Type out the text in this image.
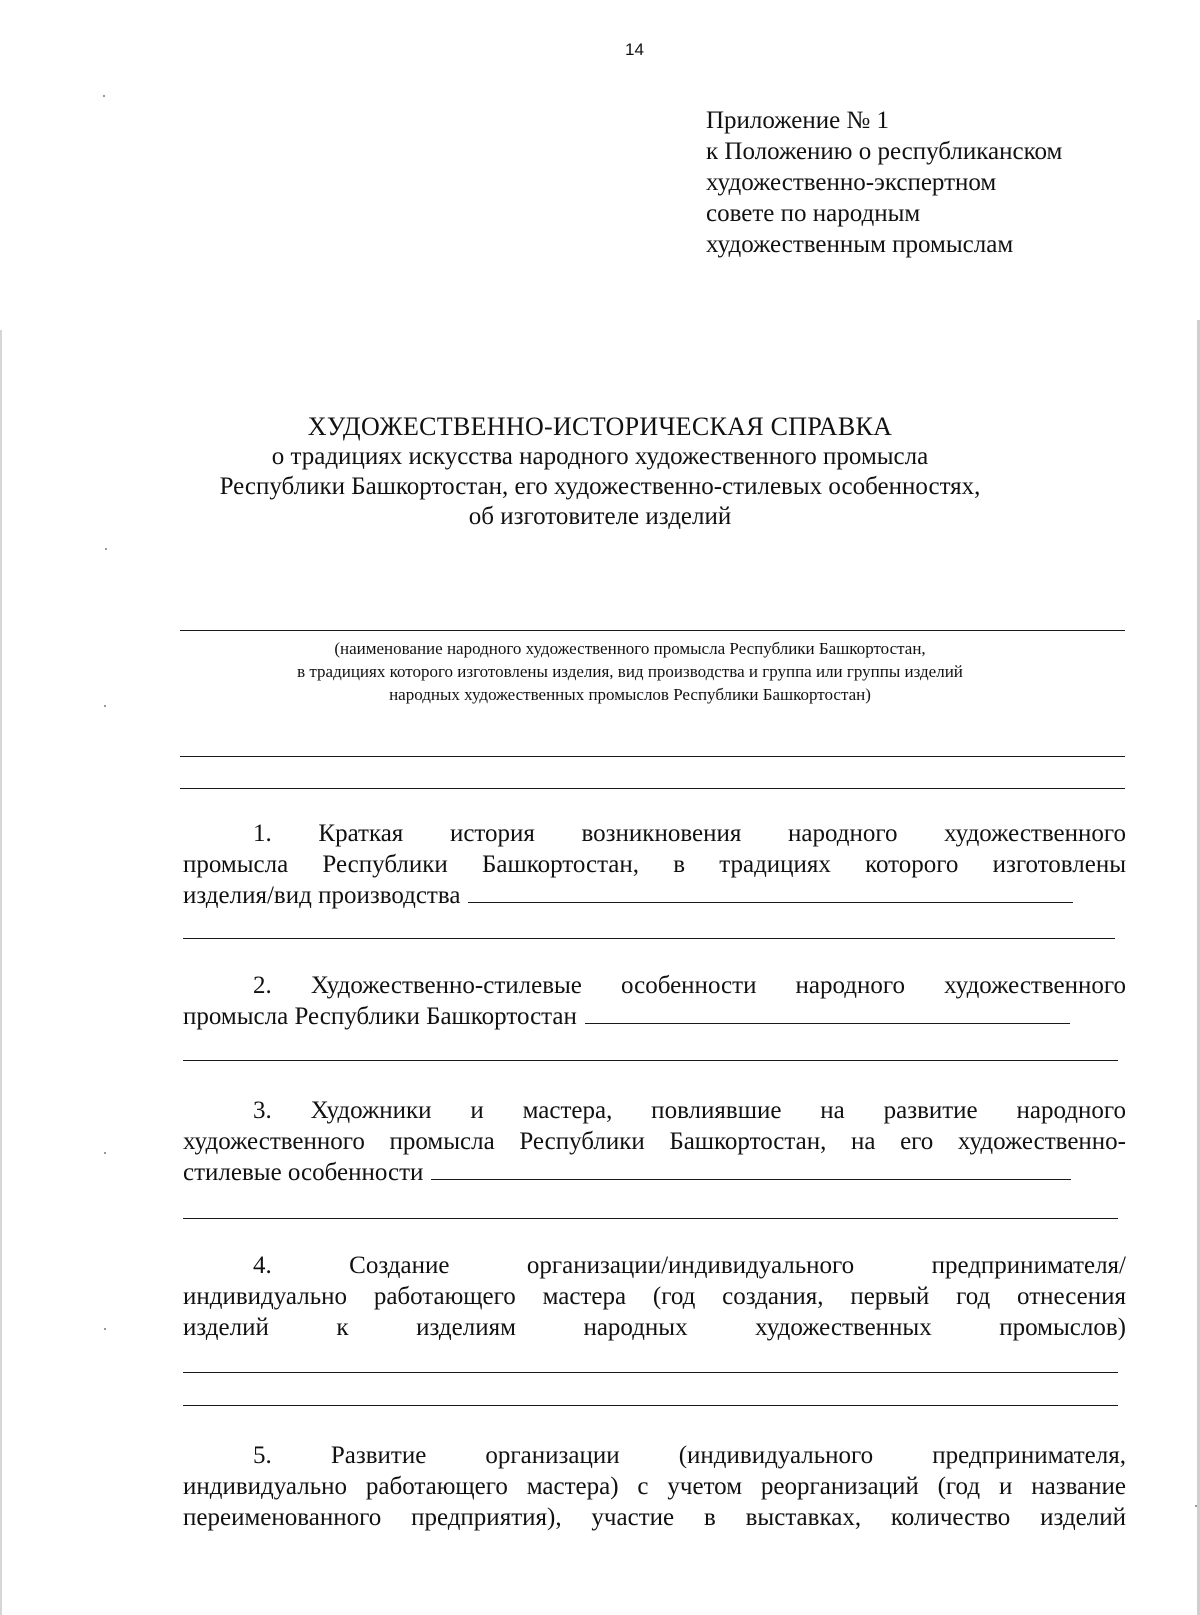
14
Приложение № 1
к Положению о республиканском
художественно-экспертном
совете по народным
художественным промыслам
ХУДОЖЕСТВЕННО-ИСТОРИЧЕСКАЯ СПРАВКА
о традициях искусства народного художественного промысла
Республики Башкортостан, его художественно-стилевых особенностях,
об изготовителе изделий
(наименование народного художественного промысла Республики Башкортостан,
в традициях которого изготовлены изделия, вид производства и группа или группы изделий
народных художественных промыслов Республики Башкортостан)
1. Краткая история возникновения народного художественного
промысла Республики Башкортостан, в традициях которого изготовлены
изделия/вид производства
2. Художественно-стилевые особенности народного художественного
промысла Республики Башкортостан
3. Художники и мастера, повлиявшие на развитие народного
художественного промысла Республики Башкортостан, на его художественно-
стилевые особенности
4. Создание организации/индивидуального предпринимателя/
индивидуально работающего мастера (год создания, первый год отнесения
изделий к изделиям народных художественных промыслов)
5. Развитие организации (индивидуального предпринимателя,
индивидуально работающего мастера) с учетом реорганизаций (год и название
переименованного предприятия), участие в выставках, количество изделий
